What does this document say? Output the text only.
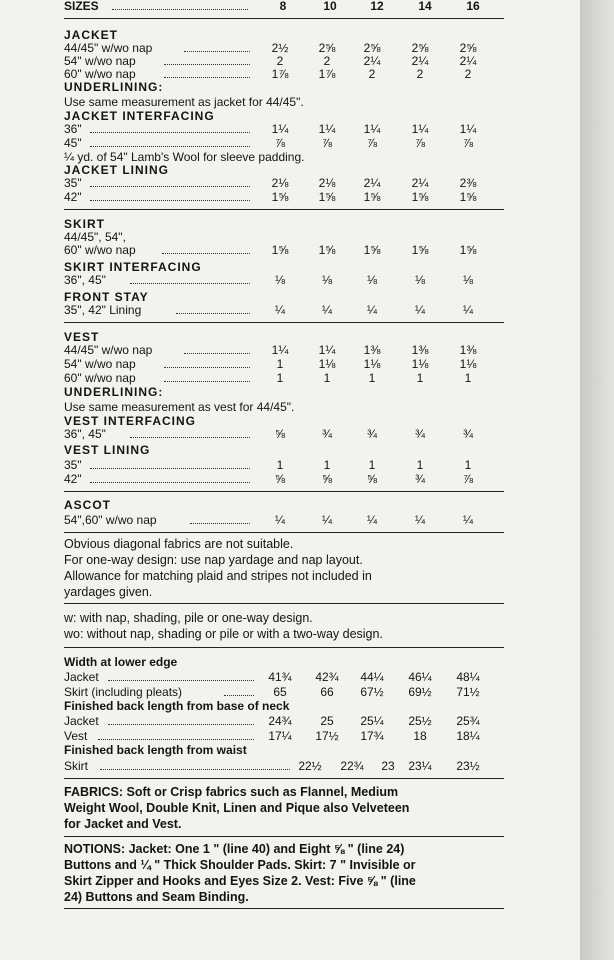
SIZES	8	10	12	14	16
JACKET
44/45" w/wo nap	2½	2⅝	2⅝	2⅝	2⅝
54" w/wo nap	2	2	2¼	2¼	2¼
60" w/wo nap	1⅞	1⅞	2	2	2
UNDERLINING:
Use same measurement as jacket for 44/45".
JACKET INTERFACING
36"	1¼	1¼	1¼	1¼	1¼
45"	⅞	⅞	⅞	⅞	⅞
¼ yd. of 54" Lamb's Wool for sleeve padding.
JACKET LINING
35"	2⅛	2⅛	2¼	2¼	2⅜
42"	1⅝	1⅝	1⅝	1⅝	1⅝
SKIRT
44/45", 54",
60" w/wo nap	1⅝	1⅝	1⅝	1⅝	1⅝
SKIRT INTERFACING
36", 45"	⅛	⅛	⅛	⅛	⅛
FRONT STAY
35", 42" Lining	¼	¼	¼	¼	¼
VEST
44/45" w/wo nap	1¼	1¼	1⅜	1⅜	1⅜
54" w/wo nap	1	1⅛	1⅛	1⅛	1⅛
60" w/wo nap	1	1	1	1	1
UNDERLINING:
Use same measurement as vest for 44/45".
VEST INTERFACING
36", 45"	⅝	¾	¾	¾	¾
VEST LINING
35"	1	1	1	1	1
42"	⅝	⅝	⅝	¾	⅞
ASCOT
54",60" w/wo nap	¼	¼	¼	¼	¼
Obvious diagonal fabrics are not suitable.
For one-way design: use nap yardage and nap layout.
Allowance for matching plaid and stripes not included in
yardages given.
w: with nap, shading, pile or one-way design.
wo: without nap, shading or pile or with a two-way design.
Width at lower edge
Jacket	41¾	42¾	44¼	46¼	48¼
Skirt (including pleats)	65	66	67½	69½	71½
Finished back length from base of neck
Jacket	24¾	25	25¼	25½	25¾
Vest	17¼	17½	17¾	18	18¼
Finished back length from waist
Skirt	22½	22¾	23	23¼	23½
FABRICS: Soft or Crisp fabrics such as Flannel, Medium
Weight Wool, Double Knit, Linen and Pique also Velveteen
for Jacket and Vest.
NOTIONS: Jacket: One 1 " (line 40) and Eight ⅝ " (line 24)
Buttons and ¼ " Thick Shoulder Pads. Skirt: 7 " Invisible or
Skirt Zipper and Hooks and Eyes Size 2. Vest: Five ⅝ " (line
24) Buttons and Seam Binding.
